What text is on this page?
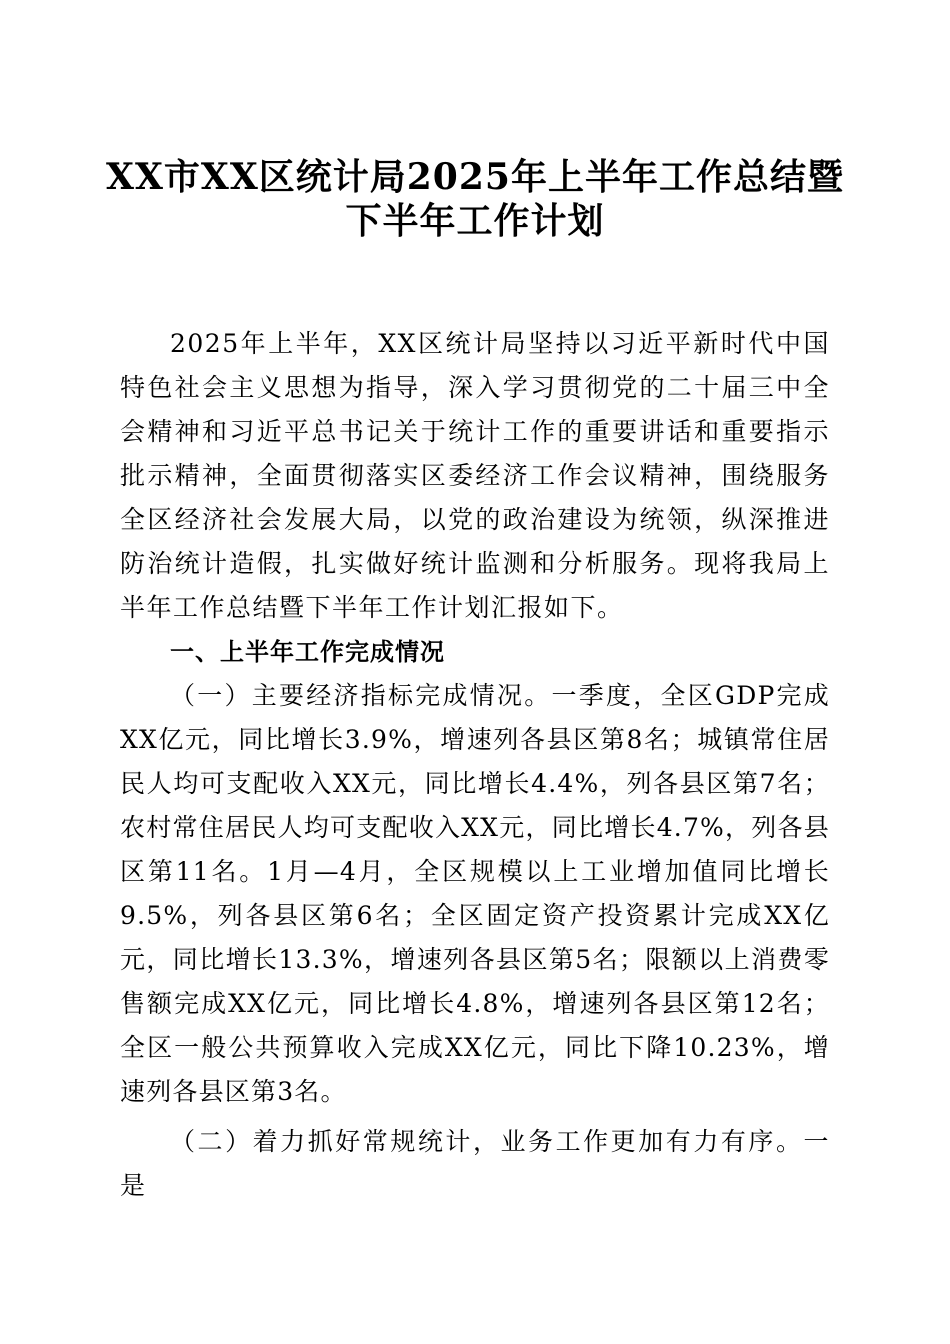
XX市XX区统计局2025年上半年工作总结暨
下半年工作计划
2025年上半年，XX区统计局坚持以习近平新时代中国特色社会主义思想为指导，深入学习贯彻党的二十届三中全会精神和习近平总书记关于统计工作的重要讲话和重要指示批示精神，全面贯彻落实区委经济工作会议精神，围绕服务全区经济社会发展大局，以党的政治建设为统领，纵深推进防治统计造假，扎实做好统计监测和分析服务。现将我局上半年工作总结暨下半年工作计划汇报如下。
一、上半年工作完成情况
（一）主要经济指标完成情况。一季度，全区GDP完成XX亿元，同比增长3.9%，增速列各县区第8名；城镇常住居民人均可支配收入XX元，同比增长4.4%，列各县区第7名；农村常住居民人均可支配收入XX元，同比增长4.7%，列各县区第11名。1月—4月，全区规模以上工业增加值同比增长9.5%，列各县区第6名；全区固定资产投资累计完成XX亿元，同比增长13.3%，增速列各县区第5名；限额以上消费零售额完成XX亿元，同比增长4.8%，增速列各县区第12名；全区一般公共预算收入完成XX亿元，同比下降10.23%，增速列各县区第3名。
（二）着力抓好常规统计，业务工作更加有力有序。一是
